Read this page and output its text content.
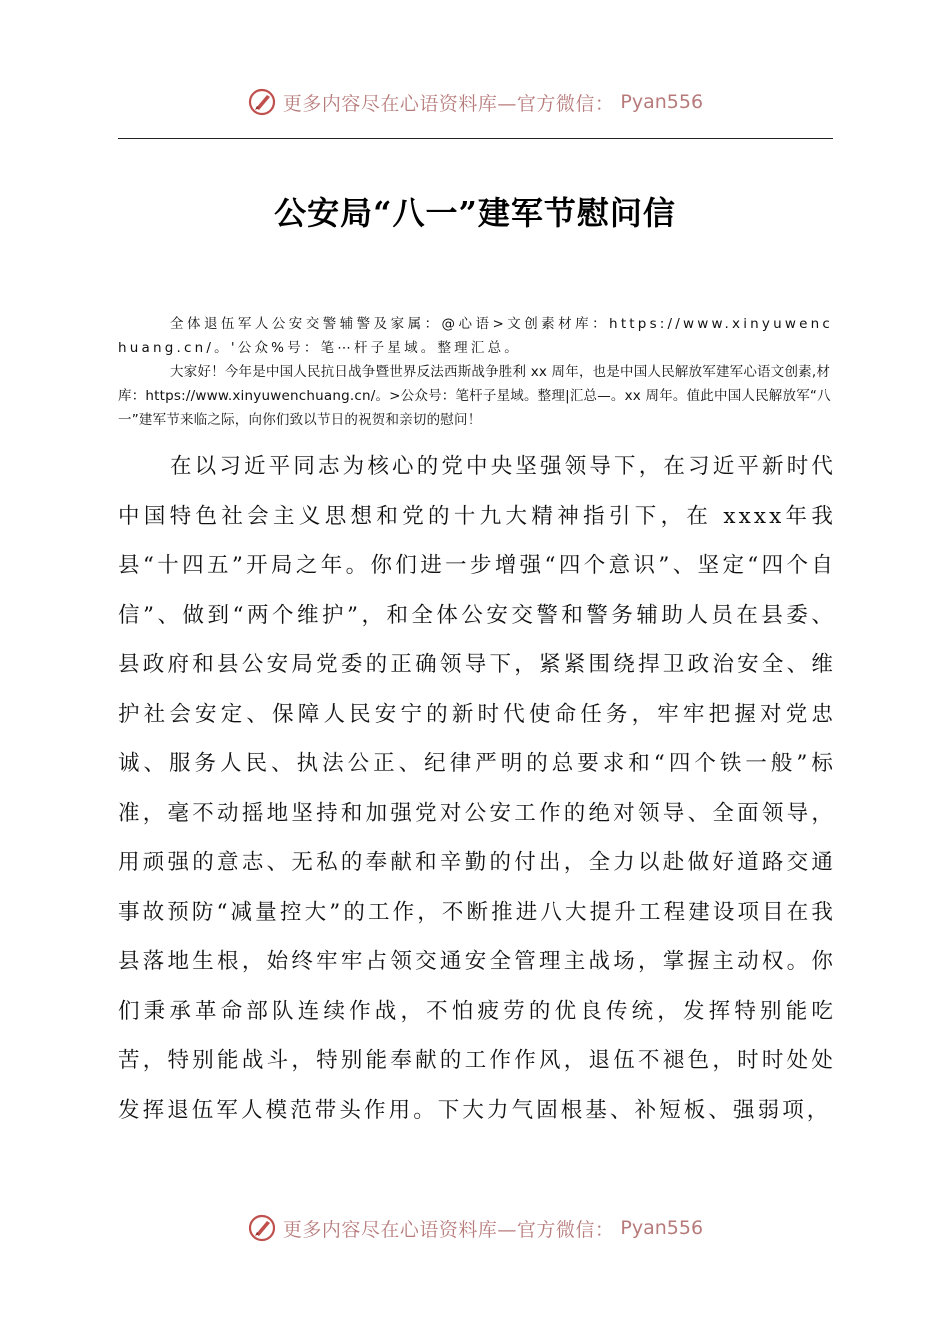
更多内容尽在心语资料库—官方微信： Pyan556
公安局“八一”建军节慰问信

全体退伍军人公安交警辅警及家属：@心语>文创素材库：https://www.xinyuwenchuang.cn/。'公众%号：笔⋯杆子星域。整理汇总。

大家好！今年是中国人民抗日战争暨世界反法西斯战争胜利 xx 周年，也是中国人民解放军建军心语文创素,材库：https://www.xinyuwenchuang.cn/。>公众号：笔杆子星域。整理|汇总—。xx 周年。值此中国人民解放军“八一”建军节来临之际，向你们致以节日的祝贺和亲切的慰问！

在以习近平同志为核心的党中央坚强领导下，在习近平新时代中国特色社会主义思想和党的十九大精神指引下，在 xxxx年我县“十四五”开局之年。你们进一步增强“四个意识”、坚定“四个自信”、做到“两个维护”，和全体公安交警和警务辅助人员在县委、县政府和县公安局党委的正确领导下，紧紧围绕捍卫政治安全、维护社会安定、保障人民安宁的新时代使命任务，牢牢把握对党忠诚、服务人民、执法公正、纪律严明的总要求和“四个铁一般”标准，毫不动摇地坚持和加强党对公安工作的绝对领导、全面领导，用顽强的意志、无私的奉献和辛勤的付出，全力以赴做好道路交通事故预防“减量控大”的工作，不断推进八大提升工程建设项目在我县落地生根，始终牢牢占领交通安全管理主战场，掌握主动权。你们秉承革命部队连续作战，不怕疲劳的优良传统，发挥特别能吃苦，特别能战斗，特别能奉献的工作作风，退伍不褪色，时时处处发挥退伍军人模范带头作用。下大力气固根基、补短板、强弱项，

更多内容尽在心语资料库—官方微信： Pyan556
